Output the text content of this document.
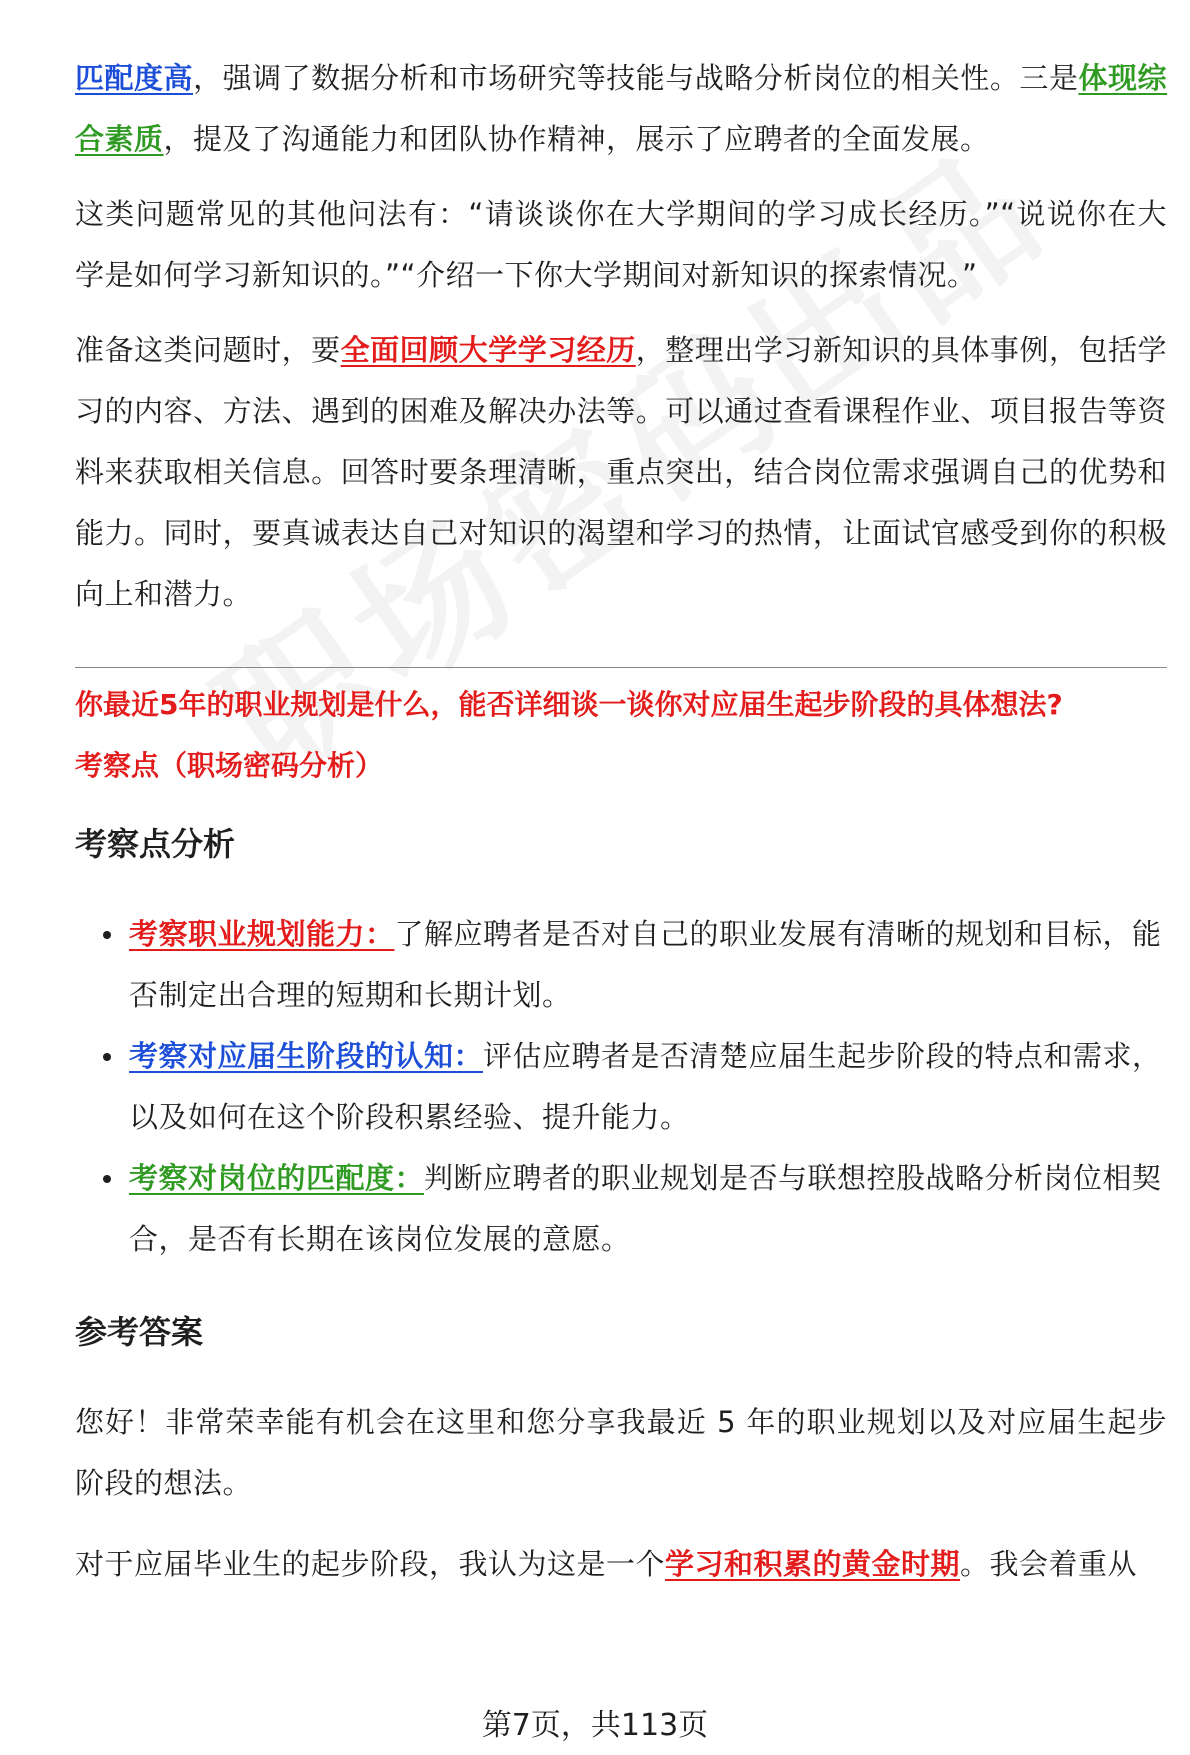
匹配度高，强调了数据分析和市场研究等技能与战略分析岗位的相关性。三是体现综合素质，提及了沟通能力和团队协作精神，展示了应聘者的全面发展。

这类问题常见的其他问法有：“请谈谈你在大学期间的学习成长经历。”“说说你在大学是如何学习新知识的。”“介绍一下你大学期间对新知识的探索情况。”

准备这类问题时，要全面回顾大学学习经历，整理出学习新知识的具体事例，包括学习的内容、方法、遇到的困难及解决办法等。可以通过查看课程作业、项目报告等资料来获取相关信息。回答时要条理清晰，重点突出，结合岗位需求强调自己的优势和能力。同时，要真诚表达自己对知识的渴望和学习的热情，让面试官感受到你的积极向上和潜力。

你最近5年的职业规划是什么，能否详细谈一谈你对应届生起步阶段的具体想法?

考察点（职场密码分析）

考察点分析
考察职业规划能力：了解应聘者是否对自己的职业发展有清晰的规划和目标，能否制定出合理的短期和长期计划。
考察对应届生阶段的认知：评估应聘者是否清楚应届生起步阶段的特点和需求，以及如何在这个阶段积累经验、提升能力。
考察对岗位的匹配度：判断应聘者的职业规划是否与联想控股战略分析岗位相契合，是否有长期在该岗位发展的意愿。
参考答案

您好！非常荣幸能有机会在这里和您分享我最近 5 年的职业规划以及对应届生起步阶段的想法。

对于应届毕业生的起步阶段，我认为这是一个学习和积累的黄金时期。我会着重从

第7页，共113页
